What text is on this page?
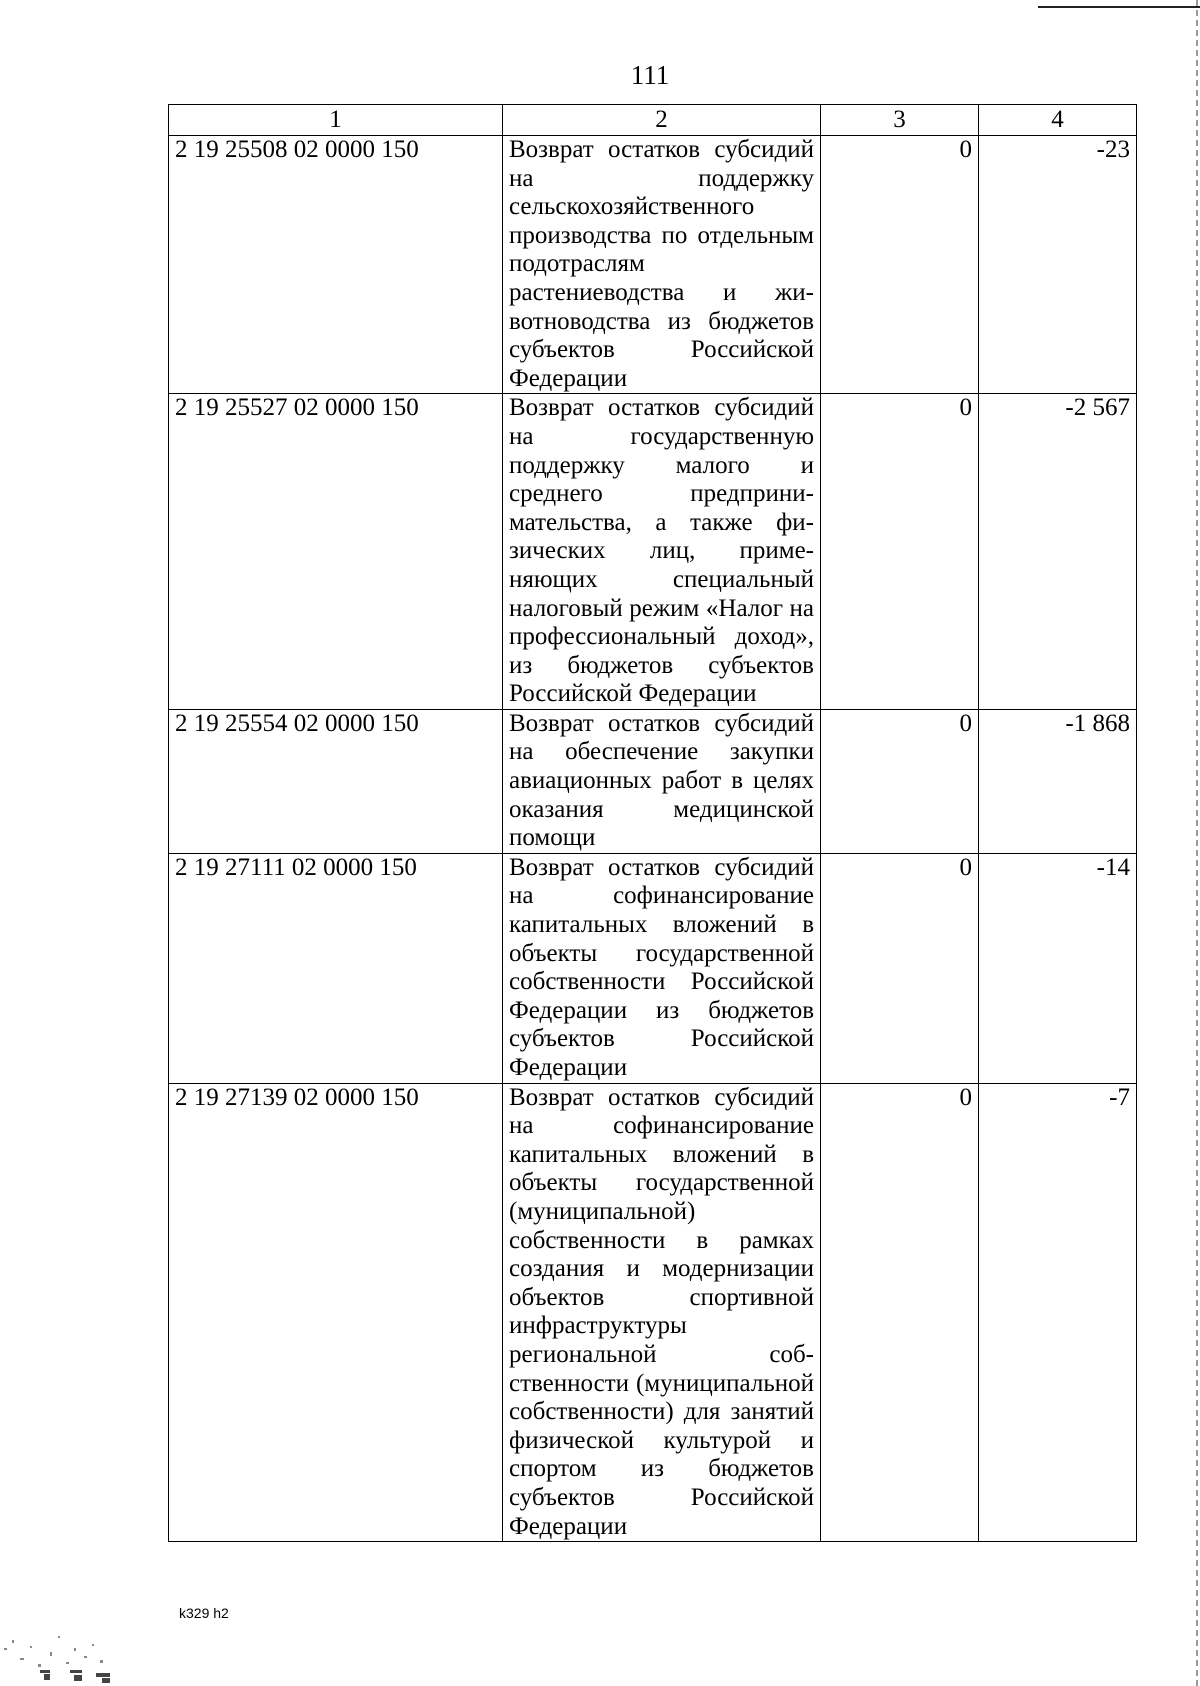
111
1	2	3	4
2 19 25508 02 0000 150	Возврат остатков субсидий на поддержку сельскохозяйственного производства по отдельным подотраслям растениеводства и животноводства из бюджетов субъектов Российской Федерации	0	-23
2 19 25527 02 0000 150	Возврат остатков субсидий на государственную поддержку малого и среднего предпринимательства, а также физических лиц, применяющих специальный налоговый режим «Налог на профессиональный доход», из бюджетов субъектов Российской Федерации	0	-2 567
2 19 25554 02 0000 150	Возврат остатков субсидий на обеспечение закупки авиационных работ в целях оказания медицинской помощи	0	-1 868
2 19 27111 02 0000 150	Возврат остатков субсидий на софинансирование капитальных вложений в объекты государственной собственности Российской Федерации из бюджетов субъектов Российской Федерации	0	-14
2 19 27139 02 0000 150	Возврат остатков субсидий на софинансирование капитальных вложений в объекты государственной (муниципальной) собственности в рамках создания и модернизации объектов спортивной инфраструктуры региональной собственности (муниципальной собственности) для занятий физической культурой и спортом из бюджетов субъектов Российской Федерации	0	-7
k329 h2
